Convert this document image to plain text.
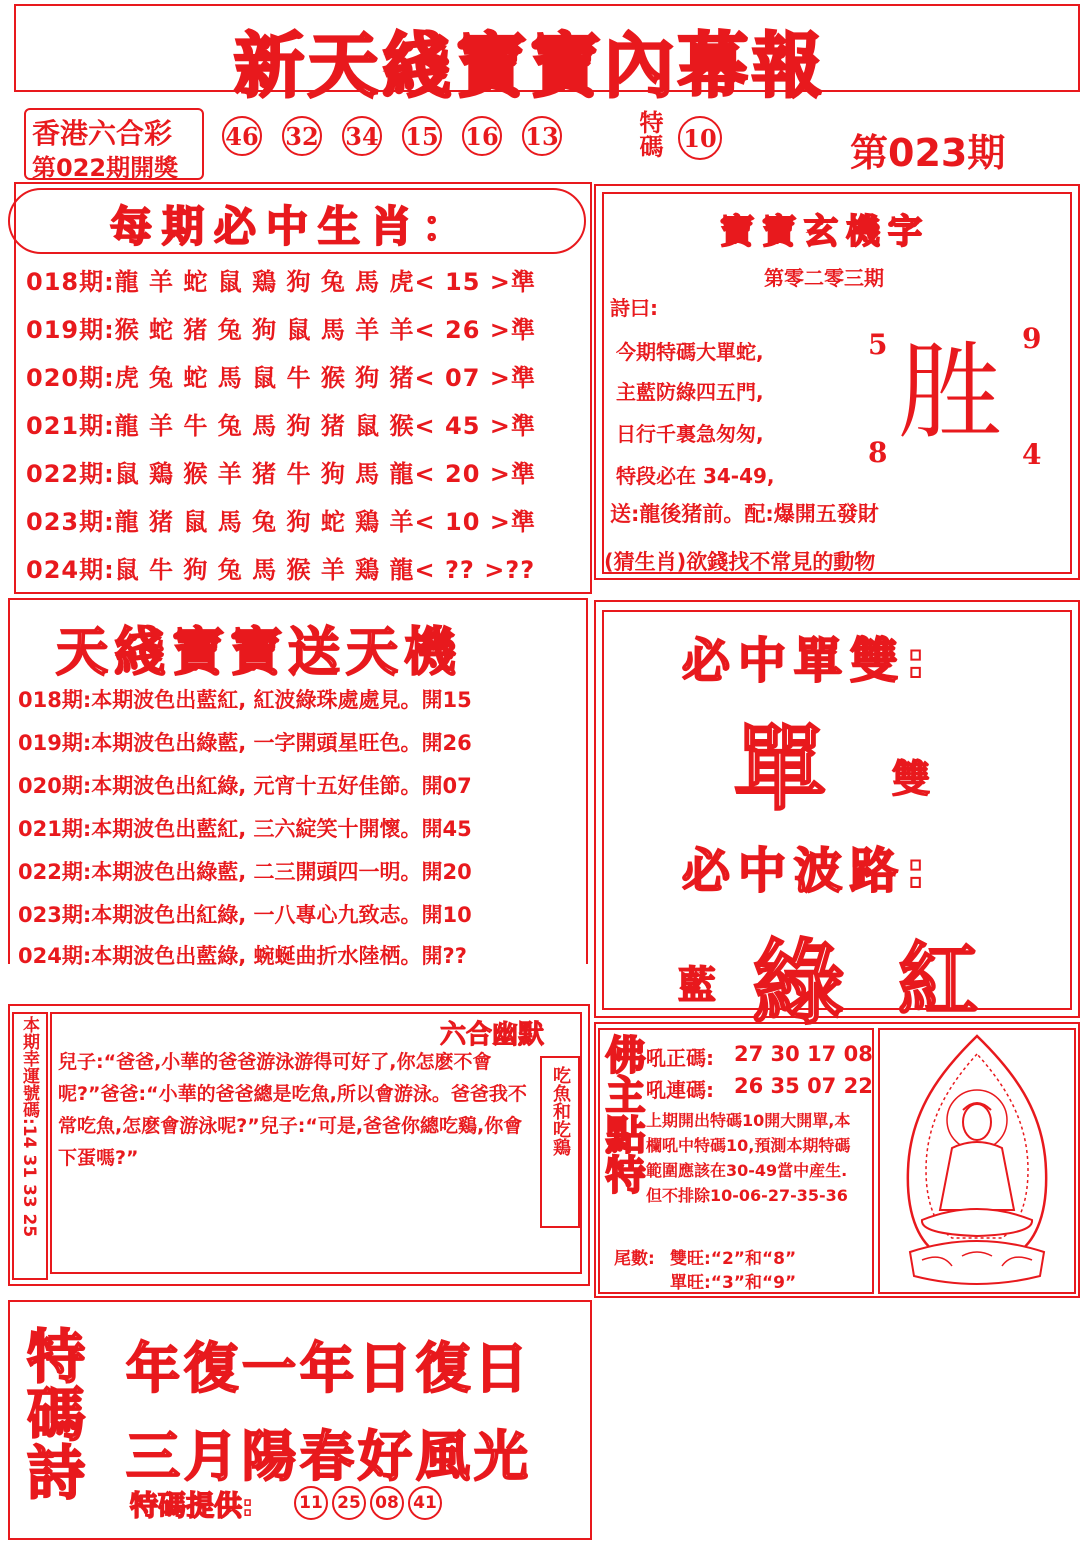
新天綫寶寶內幕報
香港六合彩
第022期開獎
46 32 34 15 16 13	特碼 10	第023期
每期必中生肖：
018期:龍 羊 蛇 鼠 鶏 狗 兔 馬 虎< 15 >準
019期:猴 蛇 猪 兔 狗 鼠 馬 羊 羊< 26 >準
020期:虎 兔 蛇 馬 鼠 牛 猴 狗 猪< 07 >準
021期:龍 羊 牛 兔 馬 狗 猪 鼠 猴< 45 >準
022期:鼠 鶏 猴 羊 猪 牛 狗 馬 龍< 20 >準
023期:龍 猪 鼠 馬 兔 狗 蛇 鶏 羊< 10 >準
024期:鼠 牛 狗 兔 馬 猴 羊 鶏 龍< ?? >??
寶寶玄機字
第零二零三期
詩曰:
今期特碼大單蛇,
主藍防綠四五門,
日行千裏急匆匆,
特段必在 34-49,
5	9
8	4
胜
送:龍後猪前。配:爆開五發財
(猜生肖)欲錢找不常見的動物
天綫寶寶送天機
018期:本期波色出藍紅, 紅波綠珠處處見。開15
019期:本期波色出綠藍, 一字開頭星旺色。開26
020期:本期波色出紅綠, 元宵十五好佳節。開07
021期:本期波色出藍紅, 三六綻笑十開懷。開45
022期:本期波色出綠藍, 二三開頭四一明。開20
023期:本期波色出紅綠, 一八專心九致志。開10
024期:本期波色出藍綠, 蜿蜒曲折水陸栖。開??
必中單雙:
單 雙
必中波路:
藍 綠 紅
本期幸運號碼:14 31 33 25	六合幽默
兒子:“爸爸,小華的爸爸游泳游得可好了,你怎麽不會呢?”爸爸:“小華的爸爸總是吃魚,所以會游泳。爸爸我不常吃魚,怎麽會游泳呢?”兒子:“可是,爸爸你總吃鷄,你會下蛋嗎?”
吃魚和吃鶏 佛主點特 吼正碼: 27 30 17 08
吼連碼: 26 35 07 22
上期開出特碼10開大開單,本欄吼中特碼10,預測本期特碼範圍應該在30-49當中産生.但不排除10-06-27-35-36
尾數: 雙旺:“2”和“8”
單旺:“3”和“9”
特碼詩 年復一年日復日
三月陽春好風光
特碼提供:	11 25 08 41
